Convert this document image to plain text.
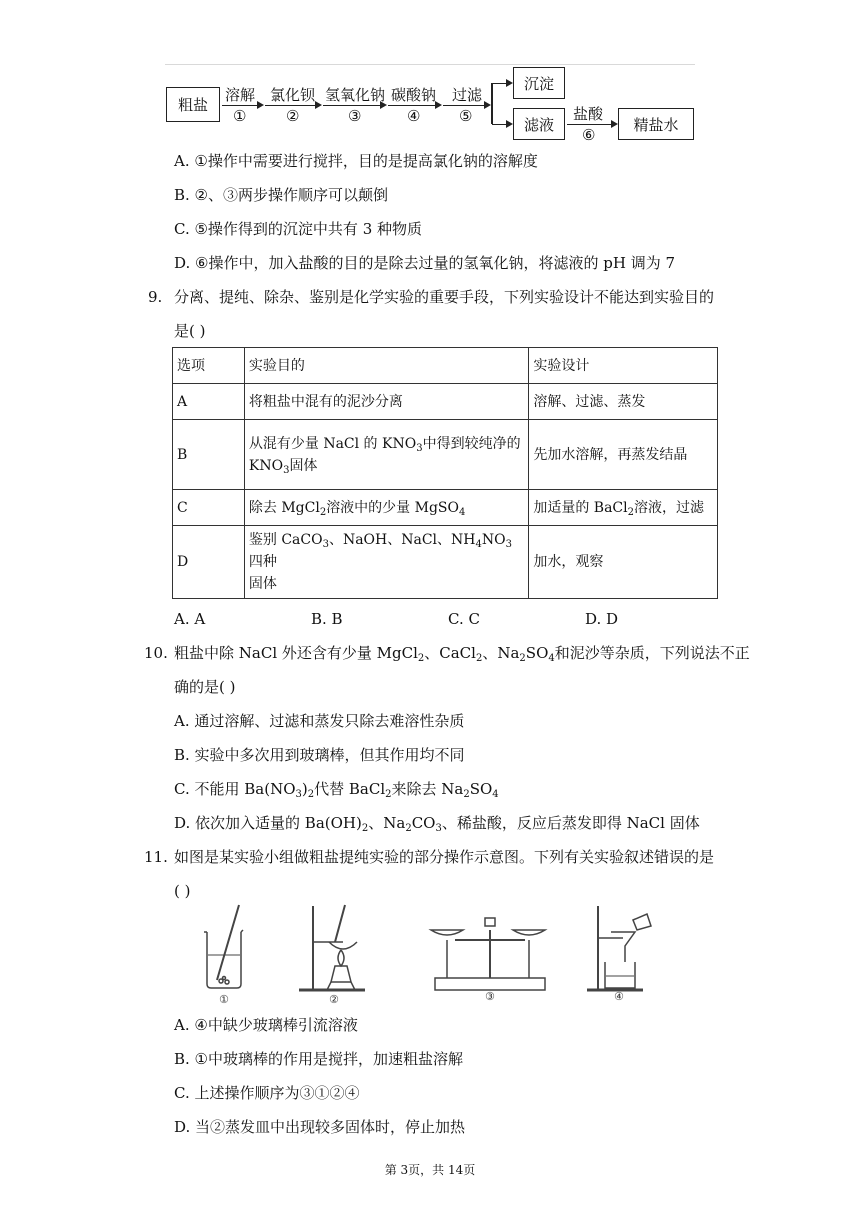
粗盐
溶解
①
氯化钡
②
氢氧化钠
③
碳酸钠
④
过滤
⑤
沉淀
滤液
盐酸
⑥
精盐水
A. ①操作中需要进行搅拌，目的是提高氯化钠的溶解度
B. ②、③两步操作顺序可以颠倒
C. ⑤操作得到的沉淀中共有 3 种物质
D. ⑥操作中，加入盐酸的目的是除去过量的氢氧化钠，将滤液的 pH 调为 7
9. 分离、提纯、除杂、鉴别是化学实验的重要手段，下列实验设计不能达到实验目的
是( )
选项	实验目的	实验设计
A	将粗盐中混有的泥沙分离	溶解、过滤、蒸发
B	从混有少量 NaCl 的 $KNO_3$中得到较纯净的
$KNO_3$固体	先加水溶解，再蒸发结晶
C	除去 MgCl$_2$溶液中的少量 MgSO$_4$	加适量的 BaCl$_2$溶液，过滤
D	鉴别 CaCO$_3$、NaOH、NaCl、$NH_4NO_3$四种
固体	加水，观察
A. A	B. B	C. C	D. D
10. 粗盐中除 NaCl 外还含有少量 MgCl$_2$、CaCl$_2$、$Na_2SO_4$和泥沙等杂质，下列说法不正
确的是( )
A. 通过溶解、过滤和蒸发只除去难溶性杂质
B. 实验中多次用到玻璃棒，但其作用均不同
C. 不能用 $Ba(NO_3)_2$代替 BaCl$_2$来除去 $Na_2SO_4$
D. 依次加入适量的 $Ba(OH)_2$、$Na_2CO_3$、稀盐酸，反应后蒸发即得 NaCl 固体
11. 如图是某实验小组做粗盐提纯实验的部分操作示意图。下列有关实验叙述错误的是
( )
①	②	③	④
A. ④中缺少玻璃棒引流溶液
B. ①中玻璃棒的作用是搅拌，加速粗盐溶解
C. 上述操作顺序为③①②④
D. 当②蒸发皿中出现较多固体时，停止加热
第 3页，共 14页
